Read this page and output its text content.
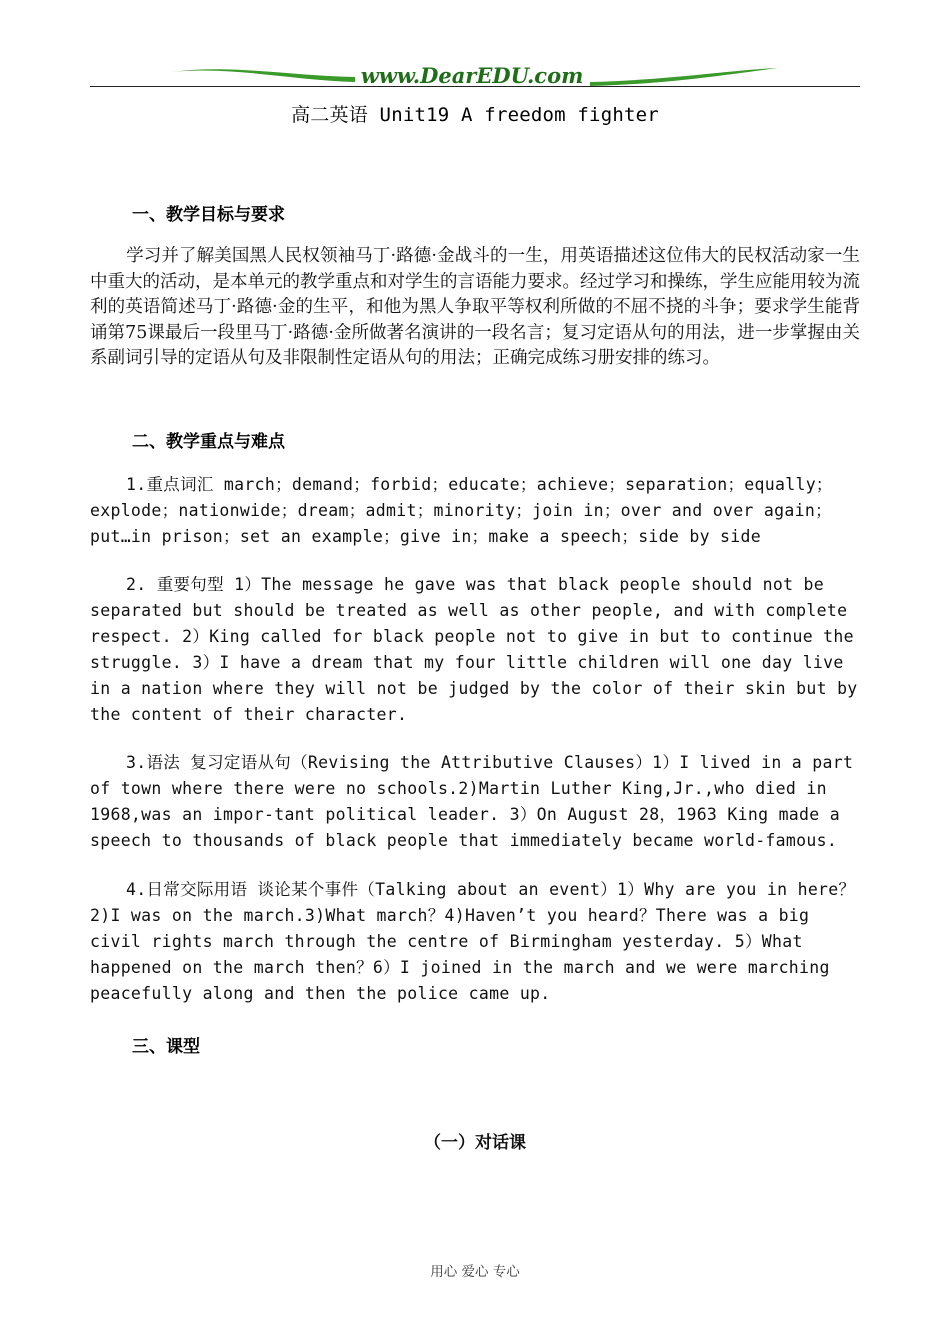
www.DearEDU.com
高二英语 Unit19 A freedom fighter
一、教学目标与要求
学习并了解美国黑人民权领袖马丁·路德·金战斗的一生，用英语描述这位伟大的民权活动家一生中重大的活动，是本单元的教学重点和对学生的言语能力要求。经过学习和操练，学生应能用较为流利的英语简述马丁·路德·金的生平，和他为黑人争取平等权利所做的不屈不挠的斗争；要求学生能背诵第75课最后一段里马丁·路德·金所做著名演讲的一段名言；复习定语从句的用法，进一步掌握由关系副词引导的定语从句及非限制性定语从句的用法；正确完成练习册安排的练习。
二、教学重点与难点
1.重点词汇 march；demand；forbid；educate；achieve；separation；equally；explode；nationwide；dream；admit；minority；join in；over and over again；put…in prison；set an example；give in；make a speech；side by side
2. 重要句型 1）The message he gave was that black people should not be separated but should be treated as well as other people, and with complete respect. 2）King called for black people not to give in but to continue the struggle. 3）I have a dream that my four little children will one day live in a nation where they will not be judged by the color of their skin but by the content of their character.
3.语法 复习定语从句（Revising the Attributive Clauses）1）I lived in a part of town where there were no schools.2)Martin Luther King,Jr.,who died in 1968,was an impor-tant political leader. 3）On August 28，1963 King made a speech to thousands of black people that immediately became world-famous.
4.日常交际用语 谈论某个事件（Talking about an event）1）Why are you in here？ 2)I was on the march.3)What march？4)Haven’t you heard？There was a big civil rights march through the centre of Birmingham yesterday. 5）What happened on the march then？6）I joined in the march and we were marching peacefully along and then the police came up.
三、课型
（一）对话课
用心 爱心 专心
